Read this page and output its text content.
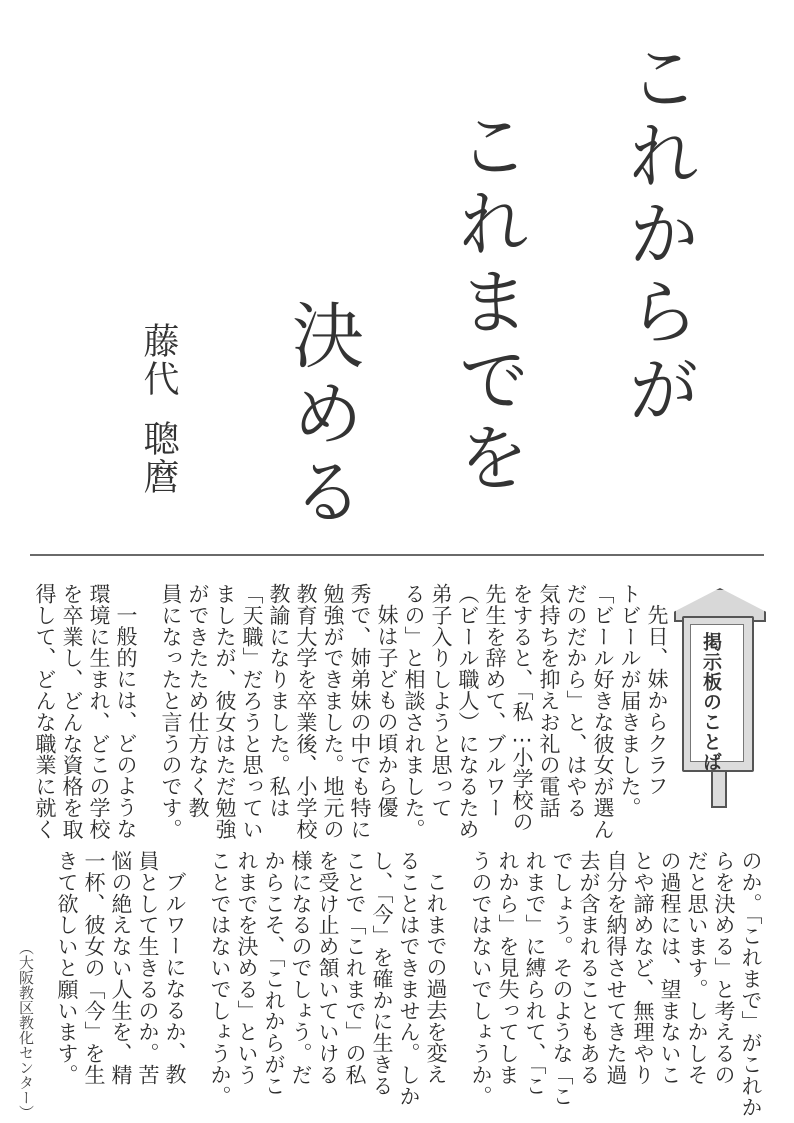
これからが
これまでを
決める
藤代
聰麿
掲示板のことば

先日、妹からクラフ

トビールが届きました。

「ビール好きな彼女が選ん

だのだから」と、はやる

気持ちを抑えお礼の電話

をすると、「私…小学校の

先生を辞めて、ブルワー

（ビール職人）になるため

弟子入りしようと思って

るの」と相談されました。

妹は子どもの頃から優

秀で、姉弟妹の中でも特に

勉強ができました。地元の

教育大学を卒業後、小学校

教諭になりました。私は

「天職」だろうと思ってい

ましたが、彼女はただ勉強

ができたため仕方なく教

員になったと言うのです。

一般的には、どのような

環境に生まれ、どこの学校

を卒業し、どんな資格を取

得して、どんな職業に就く

のか。「これまで」がこれか

らを決める」と考えるの

だと思います。しかしそ

の過程には、望まないこ

とや諦めなど、無理やり

自分を納得させてきた過

去が含まれることもある

でしょう。そのような「こ

れまで」に縛られて、「こ

れから」を見失ってしま

うのではないでしょうか。

これまでの過去を変え

ることはできません。しか

し、「今」を確かに生きる

ことで「これまで」の私

を受け止め頷いていける

様になるのでしょう。だ

からこそ、「これからがこ

れまでを決める」という

ことではないでしょうか。

ブルワーになるか、教

員として生きるのか。苦

悩の絶えない人生を、精

一杯、彼女の「今」を生

きて欲しいと願います。

（大阪教区教化センター）
